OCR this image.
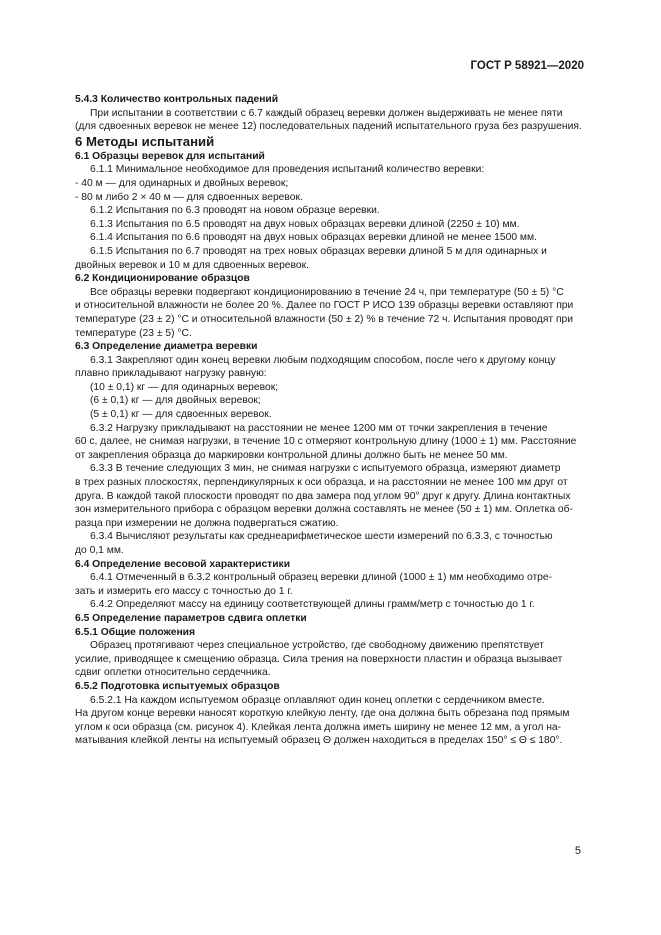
ГОСТ Р 58921—2020

5.4.3 Количество контрольных падений

При испытании в соответствии с 6.7 каждый образец веревки должен выдерживать не менее пяти

(для сдвоенных веревок не менее 12) последовательных падений испытательного груза без разрушения.

6 Методы испытаний

6.1 Образцы веревок для испытаний

6.1.1 Минимальное необходимое для проведения испытаний количество веревки:

- 40 м — для одинарных и двойных веревок;

- 80 м либо 2 × 40 м — для сдвоенных веревок.

6.1.2 Испытания по 6.3 проводят на новом образце веревки.

6.1.3 Испытания по 6.5 проводят на двух новых образцах веревки длиной (2250 ± 10) мм.

6.1.4 Испытания по 6.6 проводят на двух новых образцах веревки длиной не менее 1500 мм.

6.1.5 Испытания по 6.7 проводят на трех новых образцах веревки длиной 5 м для одинарных и

двойных веревок и 10 м для сдвоенных веревок.

6.2 Кондиционирование образцов

Все образцы веревки подвергают кондиционированию в течение 24 ч, при температуре (50 ± 5) °С

и относительной влажности не более 20 %. Далее по ГОСТ Р ИСО 139 образцы веревки оставляют при

температуре (23 ± 2) °С и относительной влажности (50 ± 2) % в течение 72 ч. Испытания проводят при

температуре (23 ± 5) °С.

6.3 Определение диаметра веревки

6.3.1 Закрепляют один конец веревки любым подходящим способом, после чего к другому концу

плавно прикладывают нагрузку равную:

(10 ± 0,1) кг — для одинарных веревок;

(6 ± 0,1) кг — для двойных веревок;

(5 ± 0,1) кг — для сдвоенных веревок.

6.3.2 Нагрузку прикладывают на расстоянии не менее 1200 мм от точки закрепления в течение

60 с, далее, не снимая нагрузки, в течение 10 с отмеряют контрольную длину (1000 ± 1) мм. Расстояние

от закрепления образца до маркировки контрольной длины должно быть не менее 50 мм.

6.3.3 В течение следующих 3 мин, не снимая нагрузки с испытуемого образца, измеряют диаметр

в трех разных плоскостях, перпендикулярных к оси образца, и на расстоянии не менее 100 мм друг от

друга. В каждой такой плоскости проводят по два замера под углом 90° друг к другу. Длина контактных

зон измерительного прибора с образцом веревки должна составлять не менее (50 ± 1) мм. Оплетка об-

разца при измерении не должна подвергаться сжатию.

6.3.4 Вычисляют результаты как среднеарифметическое шести измерений по 6.3.3, с точностью

до 0,1 мм.

6.4 Определение весовой характеристики

6.4.1 Отмеченный в 6.3.2 контрольный образец веревки длиной (1000 ± 1) мм необходимо отре-

зать и измерить его массу с точностью до 1 г.

6.4.2 Определяют массу на единицу соответствующей длины грамм/метр с точностью до 1 г.

6.5 Определение параметров сдвига оплетки

6.5.1 Общие положения

Образец протягивают через специальное устройство, где свободному движению препятствует

усилие, приводящее к смещению образца. Сила трения на поверхности пластин и образца вызывает

сдвиг оплетки относительно сердечника.

6.5.2 Подготовка испытуемых образцов

6.5.2.1 На каждом испытуемом образце оплавляют один конец оплетки с сердечником вместе.

На другом конце веревки наносят короткую клейкую ленту, где она должна быть обрезана под прямым

углом к оси образца (см. рисунок 4). Клейкая лента должна иметь ширину не менее 12 мм, а угол на-

матывания клейкой ленты на испытуемый образец Θ должен находиться в пределах 150° ≤ Θ ≤ 180°.

5
